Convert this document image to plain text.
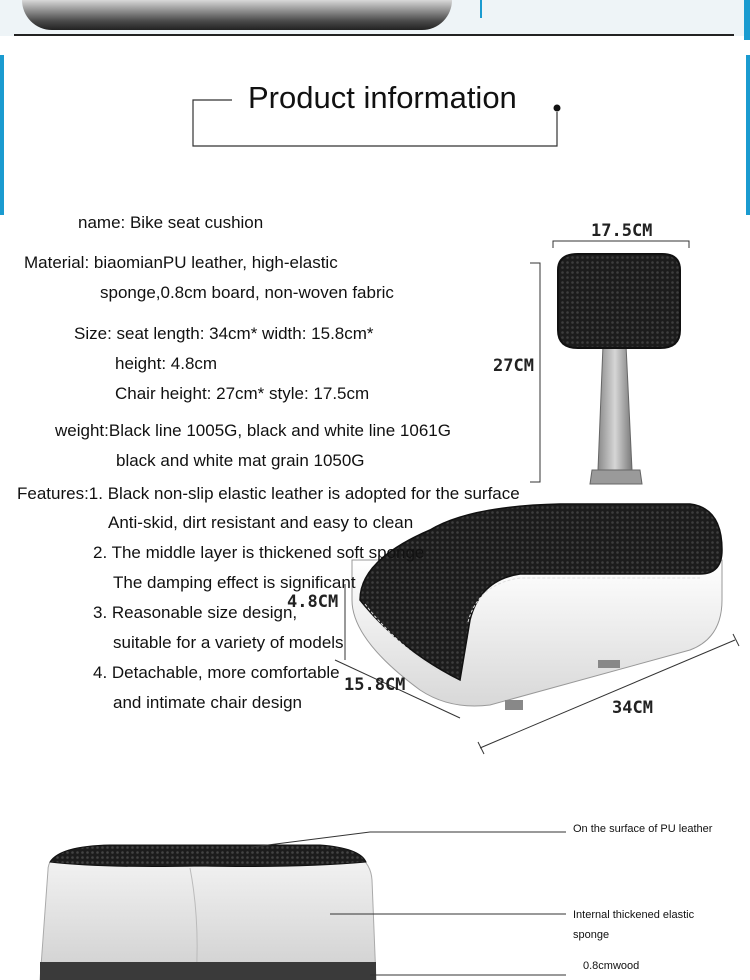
Product information
name: Bike seat cushion
Material: biaomianPU leather, high-elastic
sponge,0.8cm board, non-woven fabric
Size: seat length: 34cm* width: 15.8cm*
height: 4.8cm
Chair height: 27cm* style: 17.5cm
weight:Black line 1005G, black and white line 1061G
black and white mat grain 1050G
17.5CM
27CM
4.8CM
15.8CM
34CM
Features:1. Black non-slip elastic leather is adopted for the surface
Anti-skid, dirt resistant and easy to clean
2. The middle layer is thickened soft sponge
The damping effect is significant
3. Reasonable size design,
suitable for a variety of models
4. Detachable, more comfortable
and intimate chair design
On the surface of PU leather
Internal thickened elastic
sponge
0.8cmwood
